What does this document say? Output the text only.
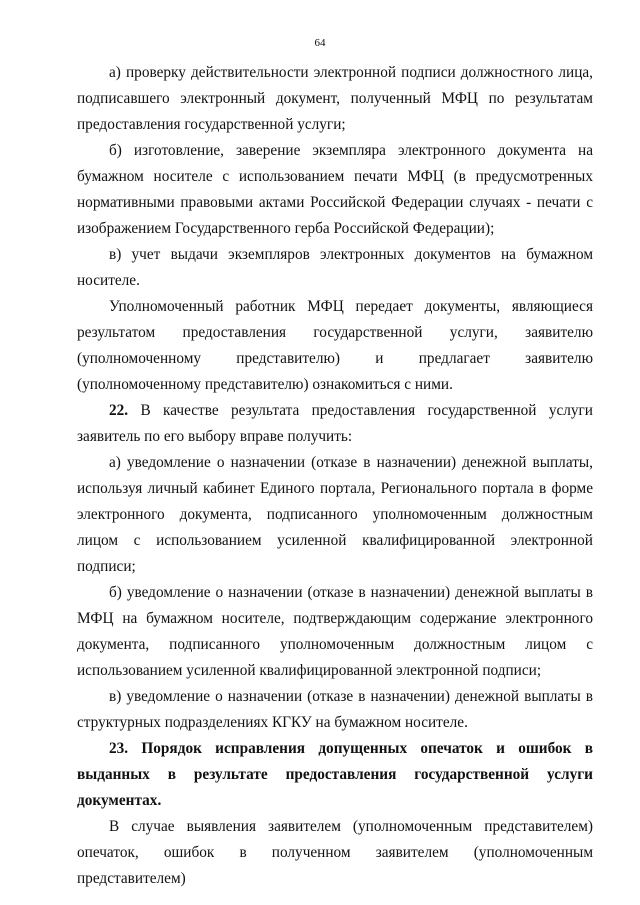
64

а) проверку действительности электронной подписи должностного лица, подписавшего электронный документ, полученный МФЦ по результатам предоставления государственной услуги;

б) изготовление, заверение экземпляра электронного документа на бумажном носителе с использованием печати МФЦ (в предусмотренных нормативными правовыми актами Российской Федерации случаях - печати с изображением Государственного герба Российской Федерации);

в) учет выдачи экземпляров электронных документов на бумажном носителе.

Уполномоченный работник МФЦ передает документы, являющиеся результатом предоставления государственной услуги, заявителю (уполномоченному представителю) и предлагает заявителю (уполномоченному представителю) ознакомиться с ними.

22. В качестве результата предоставления государственной услуги заявитель по его выбору вправе получить:

а) уведомление о назначении (отказе в назначении) денежной выплаты, используя личный кабинет Единого портала, Регионального портала в форме электронного документа, подписанного уполномоченным должностным лицом с использованием усиленной квалифицированной электронной подписи;

б) уведомление о назначении (отказе в назначении) денежной выплаты в МФЦ на бумажном носителе, подтверждающим содержание электронного документа, подписанного уполномоченным должностным лицом с использованием усиленной квалифицированной электронной подписи;

в) уведомление о назначении (отказе в назначении) денежной выплаты в структурных подразделениях КГКУ на бумажном носителе.

23. Порядок исправления допущенных опечаток и ошибок в выданных в результате предоставления государственной услуги документах.

В случае выявления заявителем (уполномоченным представителем) опечаток, ошибок в полученном заявителем (уполномоченным представителем)
